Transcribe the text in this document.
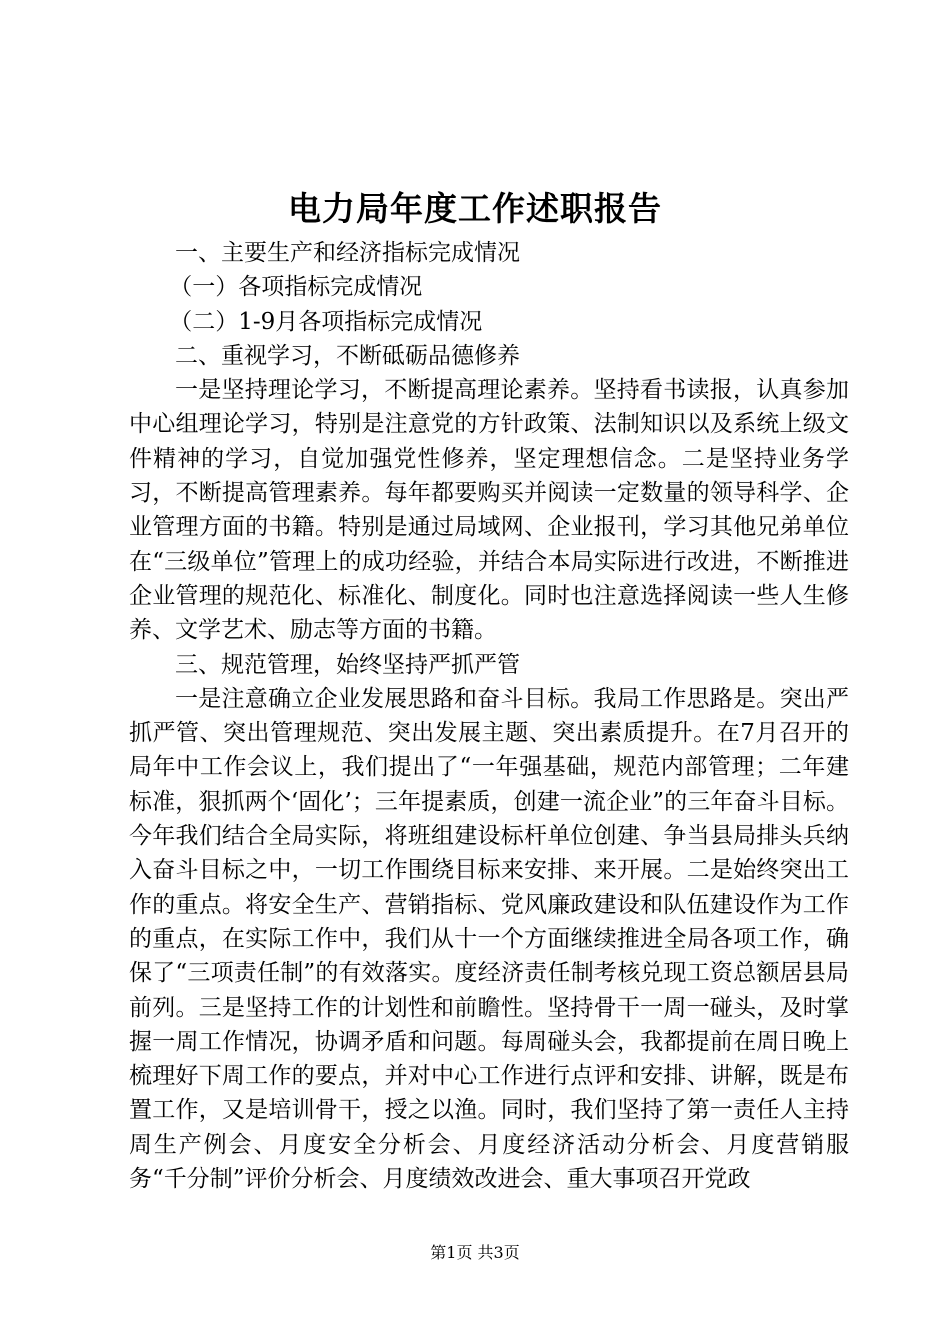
电力局年度工作述职报告

一、主要生产和经济指标完成情况

（一）各项指标完成情况

（二）1-9月各项指标完成情况

二、重视学习，不断砥砺品德修养

一是坚持理论学习，不断提高理论素养。坚持看书读报，认真参加中心组理论学习，特别是注意党的方针政策、法制知识以及系统上级文件精神的学习，自觉加强党性修养，坚定理想信念。二是坚持业务学习，不断提高管理素养。每年都要购买并阅读一定数量的领导科学、企业管理方面的书籍。特别是通过局域网、企业报刊，学习其他兄弟单位在“三级单位”管理上的成功经验，并结合本局实际进行改进，不断推进企业管理的规范化、标准化、制度化。同时也注意选择阅读一些人生修养、文学艺术、励志等方面的书籍。

三、规范管理，始终坚持严抓严管

一是注意确立企业发展思路和奋斗目标。我局工作思路是。突出严抓严管、突出管理规范、突出发展主题、突出素质提升。在7月召开的局年中工作会议上，我们提出了“一年强基础，规范内部管理；二年建标准，狠抓两个‘固化’；三年提素质，创建一流企业”的三年奋斗目标。今年我们结合全局实际，将班组建设标杆单位创建、争当县局排头兵纳入奋斗目标之中，一切工作围绕目标来安排、来开展。二是始终突出工作的重点。将安全生产、营销指标、党风廉政建设和队伍建设作为工作的重点，在实际工作中，我们从十一个方面继续推进全局各项工作，确保了“三项责任制”的有效落实。度经济责任制考核兑现工资总额居县局前列。三是坚持工作的计划性和前瞻性。坚持骨干一周一碰头，及时掌握一周工作情况，协调矛盾和问题。每周碰头会，我都提前在周日晚上梳理好下周工作的要点，并对中心工作进行点评和安排、讲解，既是布置工作，又是培训骨干，授之以渔。同时，我们坚持了第一责任人主持周生产例会、月度安全分析会、月度经济活动分析会、月度营销服务“千分制”评价分析会、月度绩效改进会、重大事项召开党政

第1页 共3页
